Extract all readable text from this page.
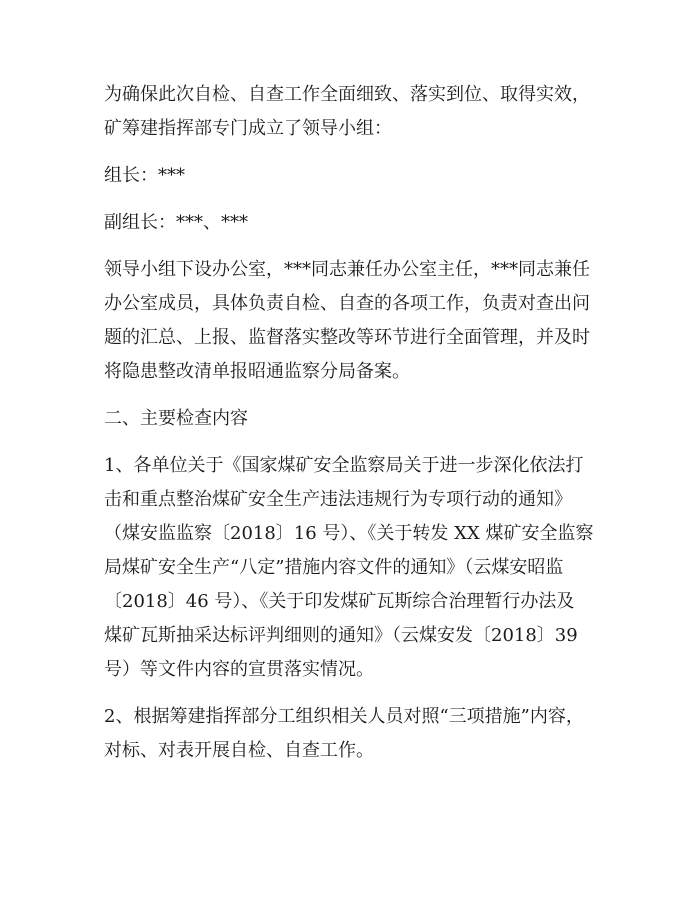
为确保此次自检、自查工作全面细致、落实到位、取得实效，
矿筹建指挥部专门成立了领导小组：

组长：***

副组长：***、***

领导小组下设办公室，***同志兼任办公室主任，***同志兼任
办公室成员，具体负责自检、自查的各项工作，负责对查出问
题的汇总、上报、监督落实整改等环节进行全面管理，并及时
将隐患整改清单报昭通监察分局备案。

二、主要检查内容

1、各单位关于《国家煤矿安全监察局关于进一步深化依法打
击和重点整治煤矿安全生产违法违规行为专项行动的通知》
（煤安监监察〔2018〕16 号）、《关于转发 XX 煤矿安全监察
局煤矿安全生产“八定”措施内容文件的通知》（云煤安昭监
〔2018〕46 号）、《关于印发煤矿瓦斯综合治理暂行办法及
煤矿瓦斯抽采达标评判细则的通知》（云煤安发〔2018〕39
号）等文件内容的宣贯落实情况。

2、根据筹建指挥部分工组织相关人员对照“三项措施”内容，
对标、对表开展自检、自查工作。
